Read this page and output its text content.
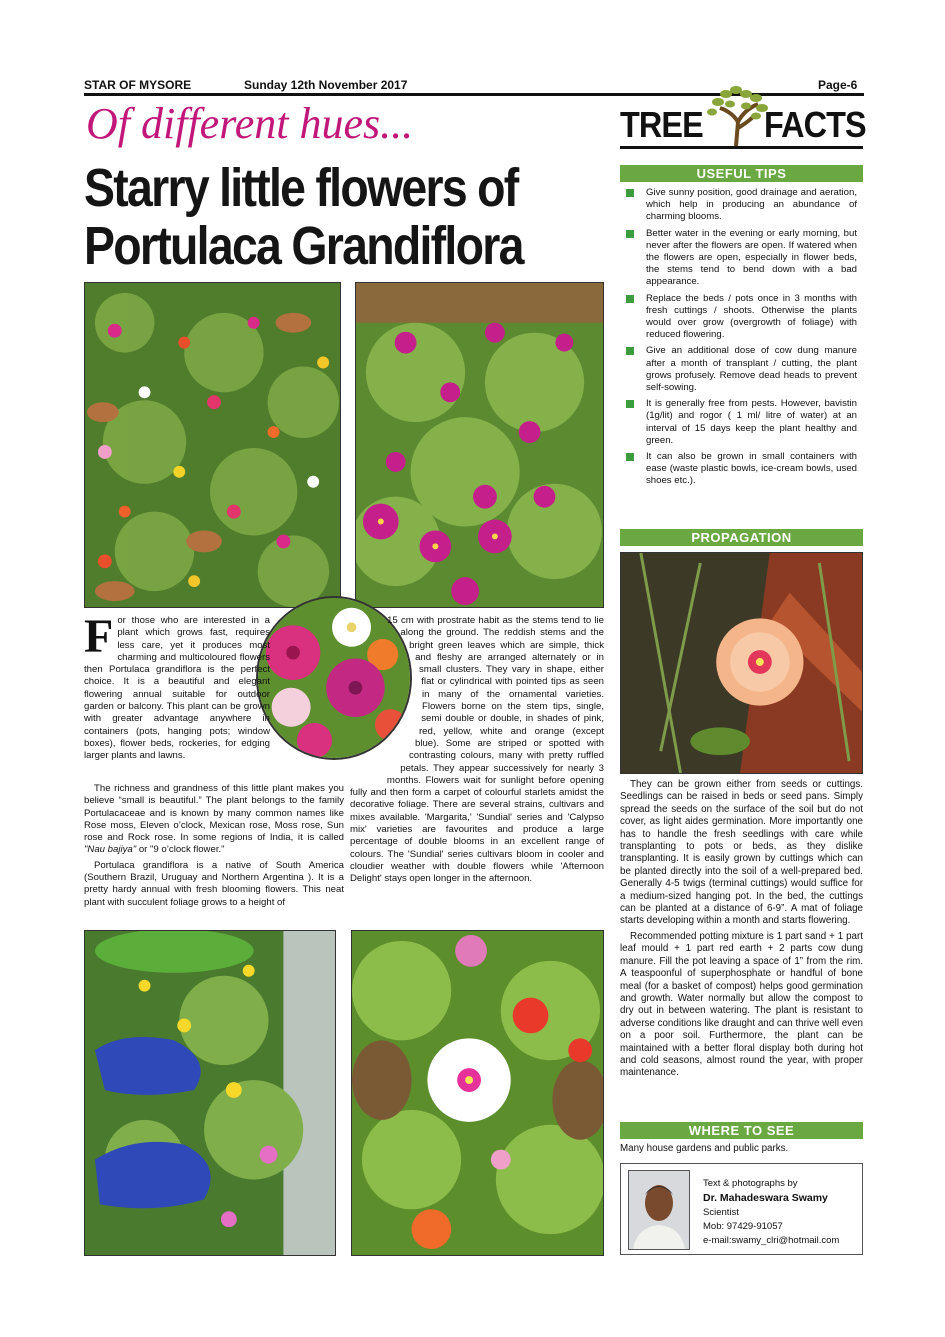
STAR OF MYSORE	Sunday 12th November 2017	Page-6
Of different hues...
Starry little flowers of
Portulaca Grandiflora
TREE FACTS

For those who are interested in a plant which grows fast, requires less care, yet it produces most charming and multicoloured flowers then Portulaca grandiflora is the perfect choice. It is a beautiful and elegant flowering annual suitable for outdoor garden or balcony. This plant can be grown with greater advantage anywhere in containers (pots, hanging pots; window boxes), flower beds, rockeries, for edging larger plants and lawns.

The richness and grandness of this little plant makes you believe “small is beautiful.” The plant belongs to the family Portulacaceae and is known by many common names like Rose moss, Eleven o’clock, Mexican rose, Moss rose, Sun rose and Rock rose. In some regions of India, it is called "Nau bajiya" or "9 o’clock flower."

Portulaca grandiflora is a native of South America (Southern Brazil, Uruguay and Northern Argentina ). It is a pretty hardy annual with fresh blooming flowers. This neat plant with succulent foliage grows to a height of

15 cm with prostrate habit as the stems tend to lie along the ground. The reddish stems and the bright green leaves which are simple, thick and fleshy are arranged alternately or in small clusters. They vary in shape, either flat or cylindrical with pointed tips as seen in many of the ornamental varieties. Flowers borne on the stem tips, single, semi double or double, in shades of pink, red, yellow, white and orange (except blue). Some are striped or spotted with contrasting colours, many with pretty ruffled petals. They appear successively for nearly 3 months. Flowers wait for sunlight before opening fully and then form a carpet of colourful starlets amidst the decorative foliage. There are several strains, cultivars and mixes available. 'Margarita,' 'Sundial' series and 'Calypso mix' varieties are favourites and produce a large percentage of double blooms in an excellent range of colours. The 'Sundial' series cultivars bloom in cooler and cloudier weather with double flowers while 'Afternoon Delight' stays open longer in the afternoon.

USEFUL TIPS
Give sunny position, good drainage and aeration, which help in producing an abundance of charming blooms.
Better water in the evening or early morning, but never after the flowers are open. If watered when the flowers are open, especially in flower beds, the stems tend to bend down with a bad appearance.
Replace the beds / pots once in 3 months with fresh cuttings / shoots. Otherwise the plants would over grow (overgrowth of foliage) with reduced flowering.
Give an additional dose of cow dung manure after a month of transplant / cutting, the plant grows profusely. Remove dead heads to prevent self-sowing.
It is generally free from pests. However, bavistin (1g/lit) and rogor ( 1 ml/ litre of water) at an interval of 15 days keep the plant healthy and green.
It can also be grown in small containers with ease (waste plastic bowls, ice-cream bowls, used shoes etc.).
PROPAGATION

They can be grown either from seeds or cuttings. Seedlings can be raised in beds or seed pans. Simply spread the seeds on the surface of the soil but do not cover, as light aides germination. More importantly one has to handle the fresh seedlings with care while transplanting to pots or beds, as they dislike transplanting. It is easily grown by cuttings which can be planted directly into the soil of a well-prepared bed. Generally 4-5 twigs (terminal cuttings) would suffice for a medium-sized hanging pot. In the bed, the cuttings can be planted at a distance of 6-9”. A mat of foliage starts developing within a month and starts flowering.

Recommended potting mixture is 1 part sand + 1 part leaf mould + 1 part red earth + 2 parts cow dung manure. Fill the pot leaving a space of 1” from the rim. A teaspoonful of superphosphate or handful of bone meal (for a basket of compost) helps good germination and growth. Water normally but allow the compost to dry out in between watering. The plant is resistant to adverse conditions like draught and can thrive well even on a poor soil. Furthermore, the plant can be maintained with a better floral display both during hot and cold seasons, almost round the year, with proper maintenance.

WHERE TO SEE
Many house gardens and public parks.
Text & photographs by
Dr. Mahadeswara Swamy
Scientist
Mob: 97429-91057
e-mail:swamy_clri@hotmail.com
